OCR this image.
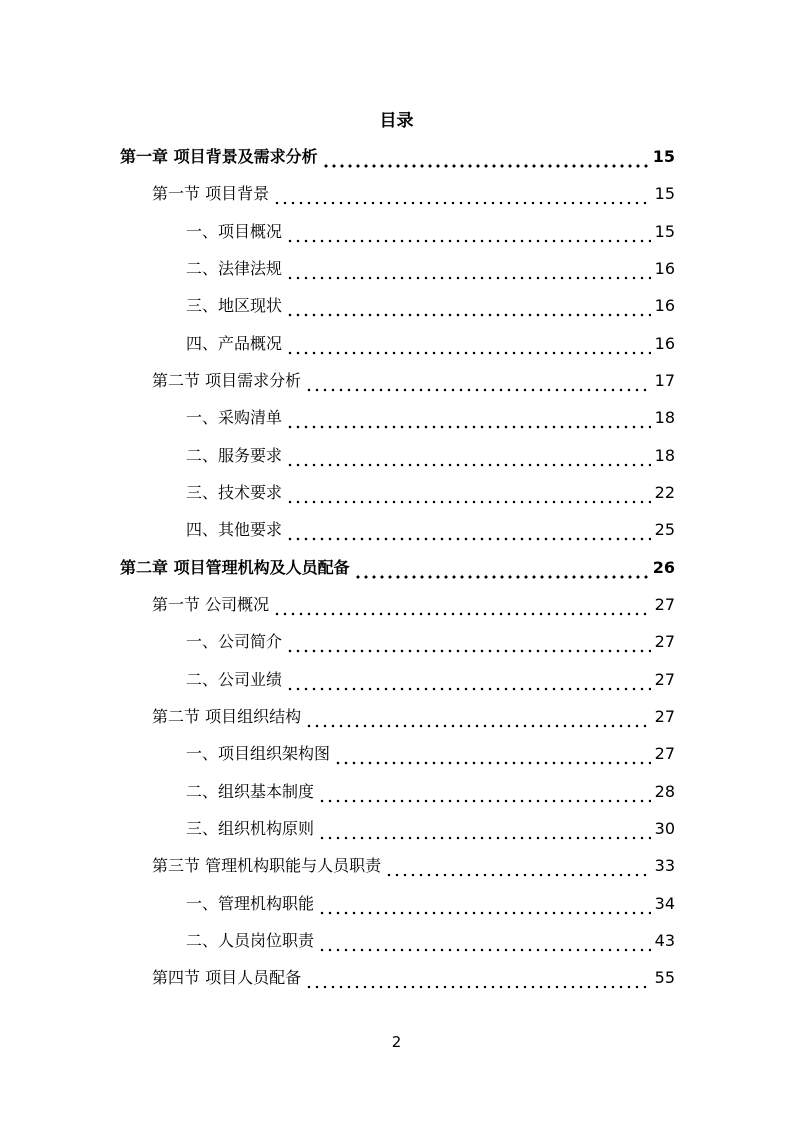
目录
第一章 项目背景及需求分析	15
第一节 项目背景	15
一、项目概况	15
二、法律法规	16
三、地区现状	16
四、产品概况	16
第二节 项目需求分析	17
一、采购清单	18
二、服务要求	18
三、技术要求	22
四、其他要求	25
第二章 项目管理机构及人员配备	26
第一节 公司概况	27
一、公司简介	27
二、公司业绩	27
第二节 项目组织结构	27
一、项目组织架构图	27
二、组织基本制度	28
三、组织机构原则	30
第三节 管理机构职能与人员职责	33
一、管理机构职能	34
二、人员岗位职责	43
第四节 项目人员配备	55
2
